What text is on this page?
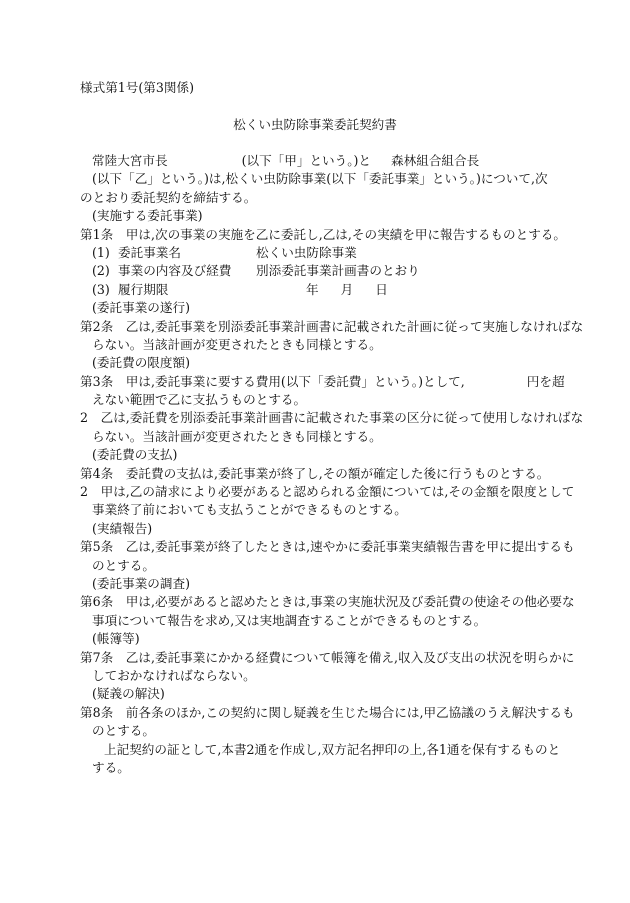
様式第1号(第3関係)
松くい虫防除事業委託契約書
常陸大宮市長	(以下「甲」という。)と 森林組合組合長
(以下「乙」という。)は,松くい虫防除事業(以下「委託事業」という。)について,次
のとおり委託契約を締結する。
(実施する委託事業)
第1条　甲は,次の事業の実施を乙に委託し,乙は,その実績を甲に報告するものとする。
(1) 委託事業名	松くい虫防除事業
(2) 事業の内容及び経費 別添委託事業計画書のとおり
(3) 履行期限	年 月 日
(委託事業の遂行)
第2条　乙は,委託事業を別添委託事業計画書に記載された計画に従って実施しなければな
らない。当該計画が変更されたときも同様とする。
(委託費の限度額)
第3条　甲は,委託事業に要する費用(以下「委託費」という。)として,	円を超
えない範囲で乙に支払うものとする。
2　乙は,委託費を別添委託事業計画書に記載された事業の区分に従って使用しなければな
らない。当該計画が変更されたときも同様とする。
(委託費の支払)
第4条　委託費の支払は,委託事業が終了し,その額が確定した後に行うものとする。
2　甲は,乙の請求により必要があると認められる金額については,その金額を限度として
事業終了前においても支払うことができるものとする。
(実績報告)
第5条　乙は,委託事業が終了したときは,速やかに委託事業実績報告書を甲に提出するも
のとする。
(委託事業の調査)
第6条　甲は,必要があると認めたときは,事業の実施状況及び委託費の使途その他必要な
事項について報告を求め,又は実地調査することができるものとする。
(帳簿等)
第7条　乙は,委託事業にかかる経費について帳簿を備え,収入及び支出の状況を明らかに
しておかなければならない。
(疑義の解決)
第8条　前各条のほか,この契約に関し疑義を生じた場合には,甲乙協議のうえ解決するも
のとする。
上記契約の証として,本書2通を作成し,双方記名押印の上,各1通を保有するものと
する。
